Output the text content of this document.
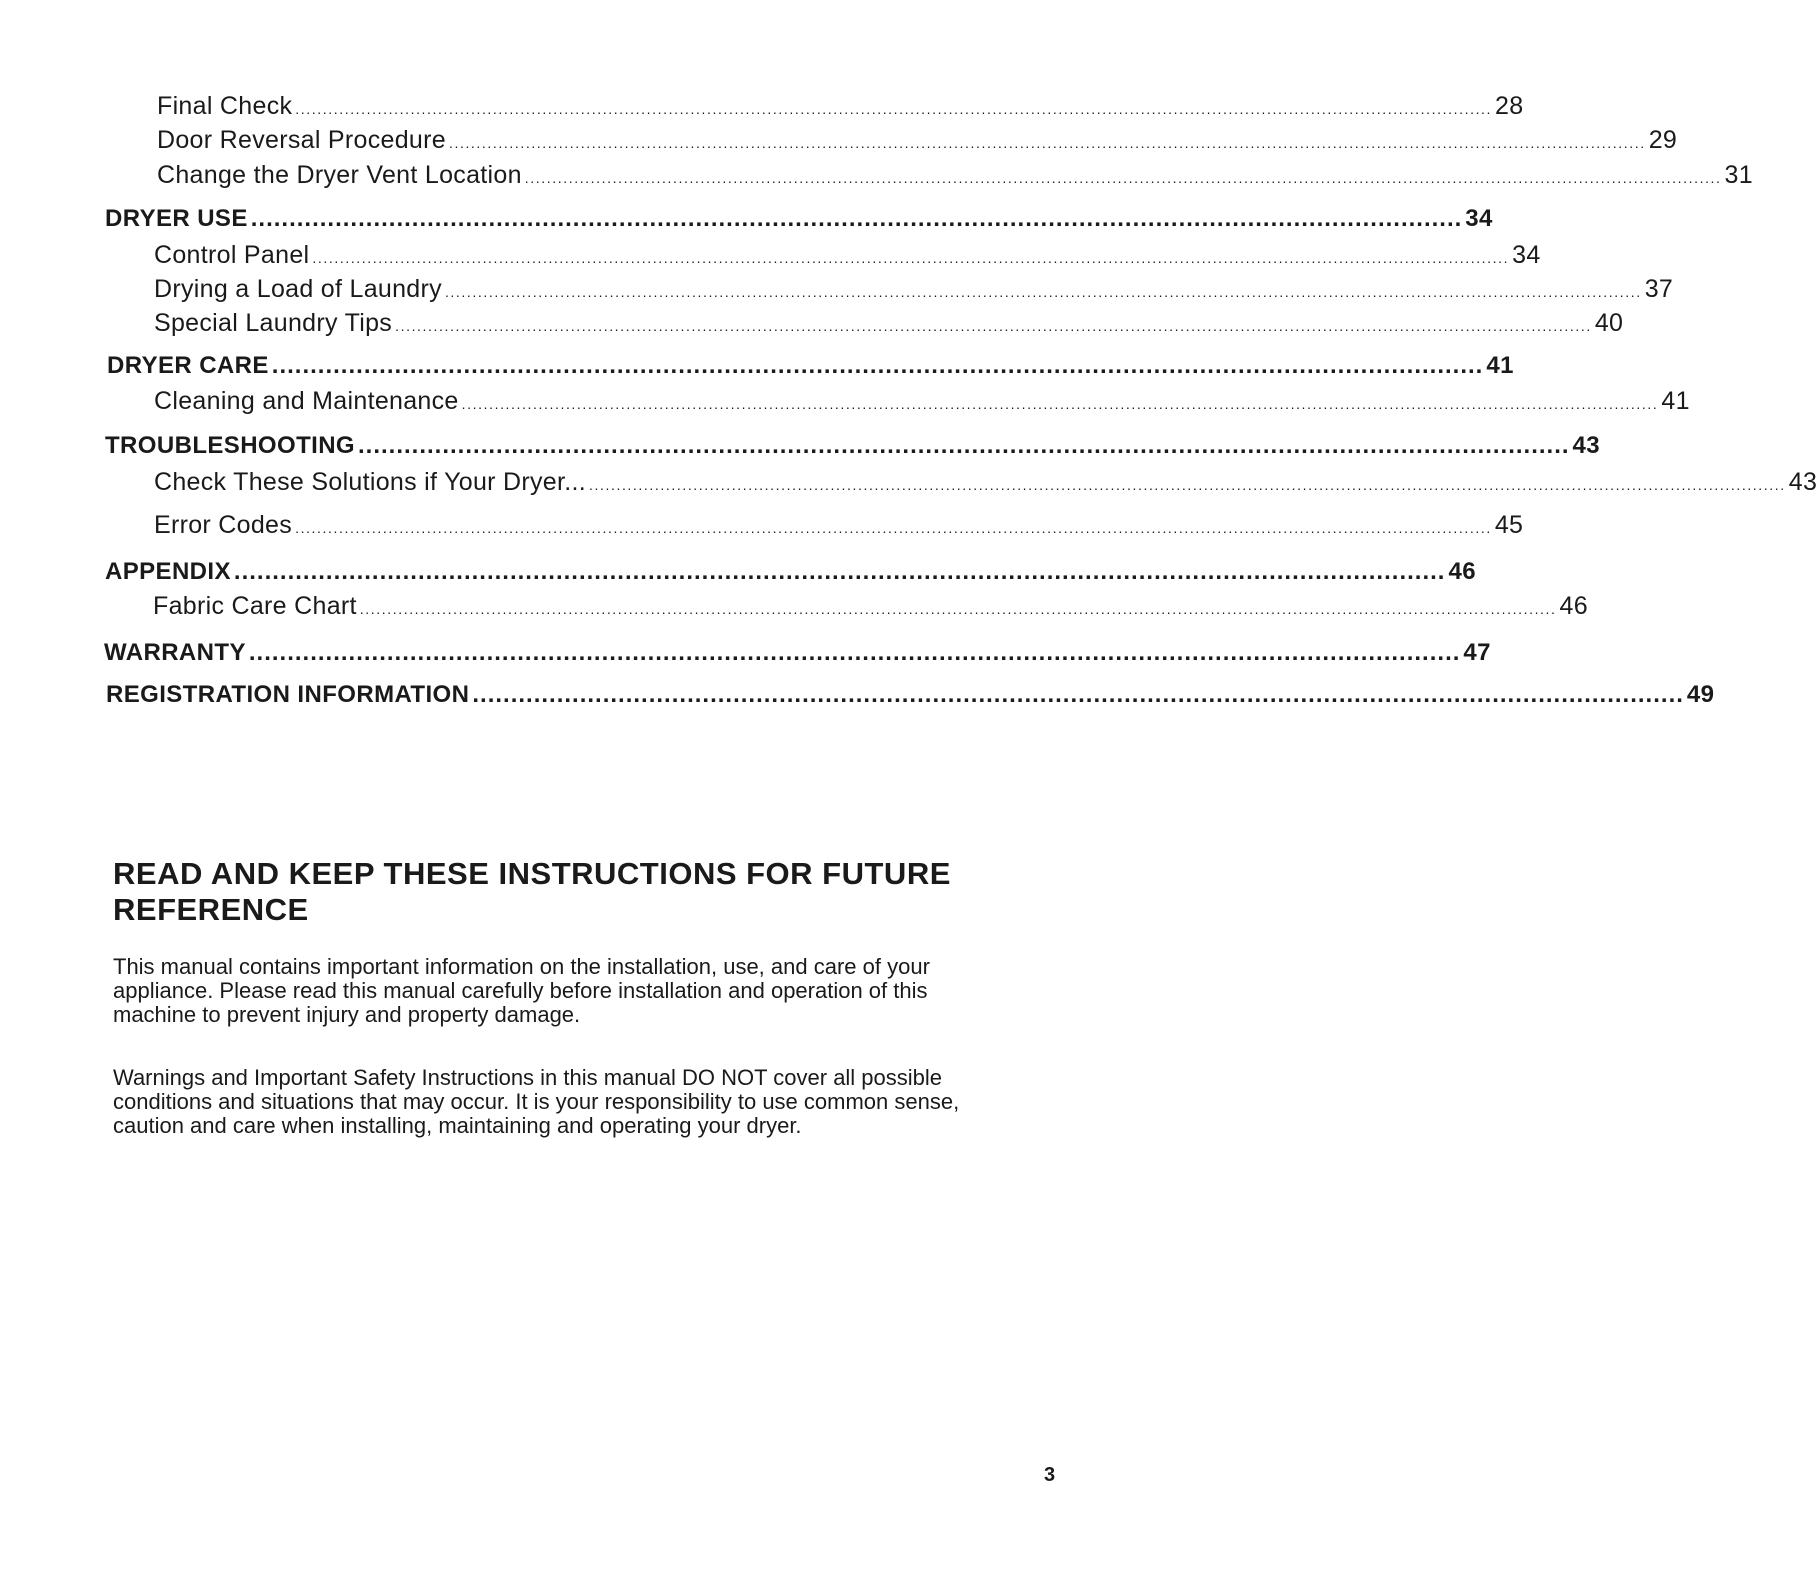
Final Check .......................................................................................................................................................................................................................... 28
Door Reversal Procedure .......................................................................................................................................................................................................................... 29
Change the Dryer Vent Location .......................................................................................................................................................................................................................... 31
DRYER USE .............................................................................................................................................................. 34
Control Panel .......................................................................................................................................................................................................................... 34
Drying a Load of Laundry .......................................................................................................................................................................................................................... 37
Special Laundry Tips .......................................................................................................................................................................................................................... 40
DRYER CARE .............................................................................................................................................................. 41
Cleaning and Maintenance .......................................................................................................................................................................................................................... 41
TROUBLESHOOTING .............................................................................................................................................................. 43
Check These Solutions if Your Dryer... .......................................................................................................................................................................................................................... 43
Error Codes .......................................................................................................................................................................................................................... 45
APPENDIX .............................................................................................................................................................. 46
Fabric Care Chart .......................................................................................................................................................................................................................... 46
WARRANTY .............................................................................................................................................................. 47
REGISTRATION INFORMATION .............................................................................................................................................................. 49
READ AND KEEP THESE INSTRUCTIONS FOR FUTURE REFERENCE

This manual contains important information on the installation, use, and care of your appliance. Please read this manual carefully before installation and operation of this machine to prevent injury and property damage.

Warnings and Important Safety Instructions in this manual DO NOT cover all possible conditions and situations that may occur. It is your responsibility to use common sense, caution and care when installing, maintaining and operating your dryer.

3
